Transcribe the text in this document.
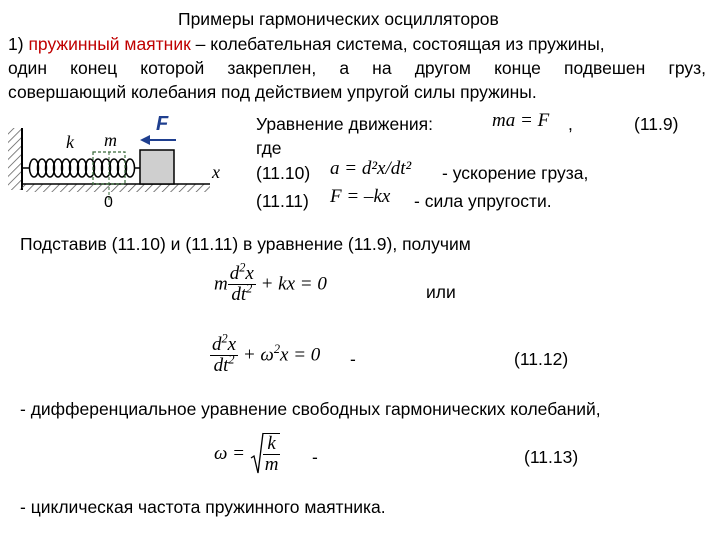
Примеры гармонических осцилляторов
1) пружинный маятник – колебательная система, состоящая из пружины,
один конец которой закреплен, а на другом конце подвешен груз,
совершающий колебания под действием упругой силы пружины.
k m
F
x
0
Уравнение движения:	ma = F ,	(11.9)
где
(11.10) a = d²x/dt² - ускорение груза,
(11.11) F = –kx - сила упругости.
Подставив (11.10) и (11.11) в уравнение (11.9), получим
m $\frac{d^2x}{dt^2}$ + kx = 0	или
$\frac{d^2x}{dt^2} + \omega^2x = 0$ -	(11.12)
- дифференциальное уравнение свободных гармонических колебаний,
$\omega = \frac{k}{m}$ -	(11.13)
- циклическая частота пружинного маятника.
